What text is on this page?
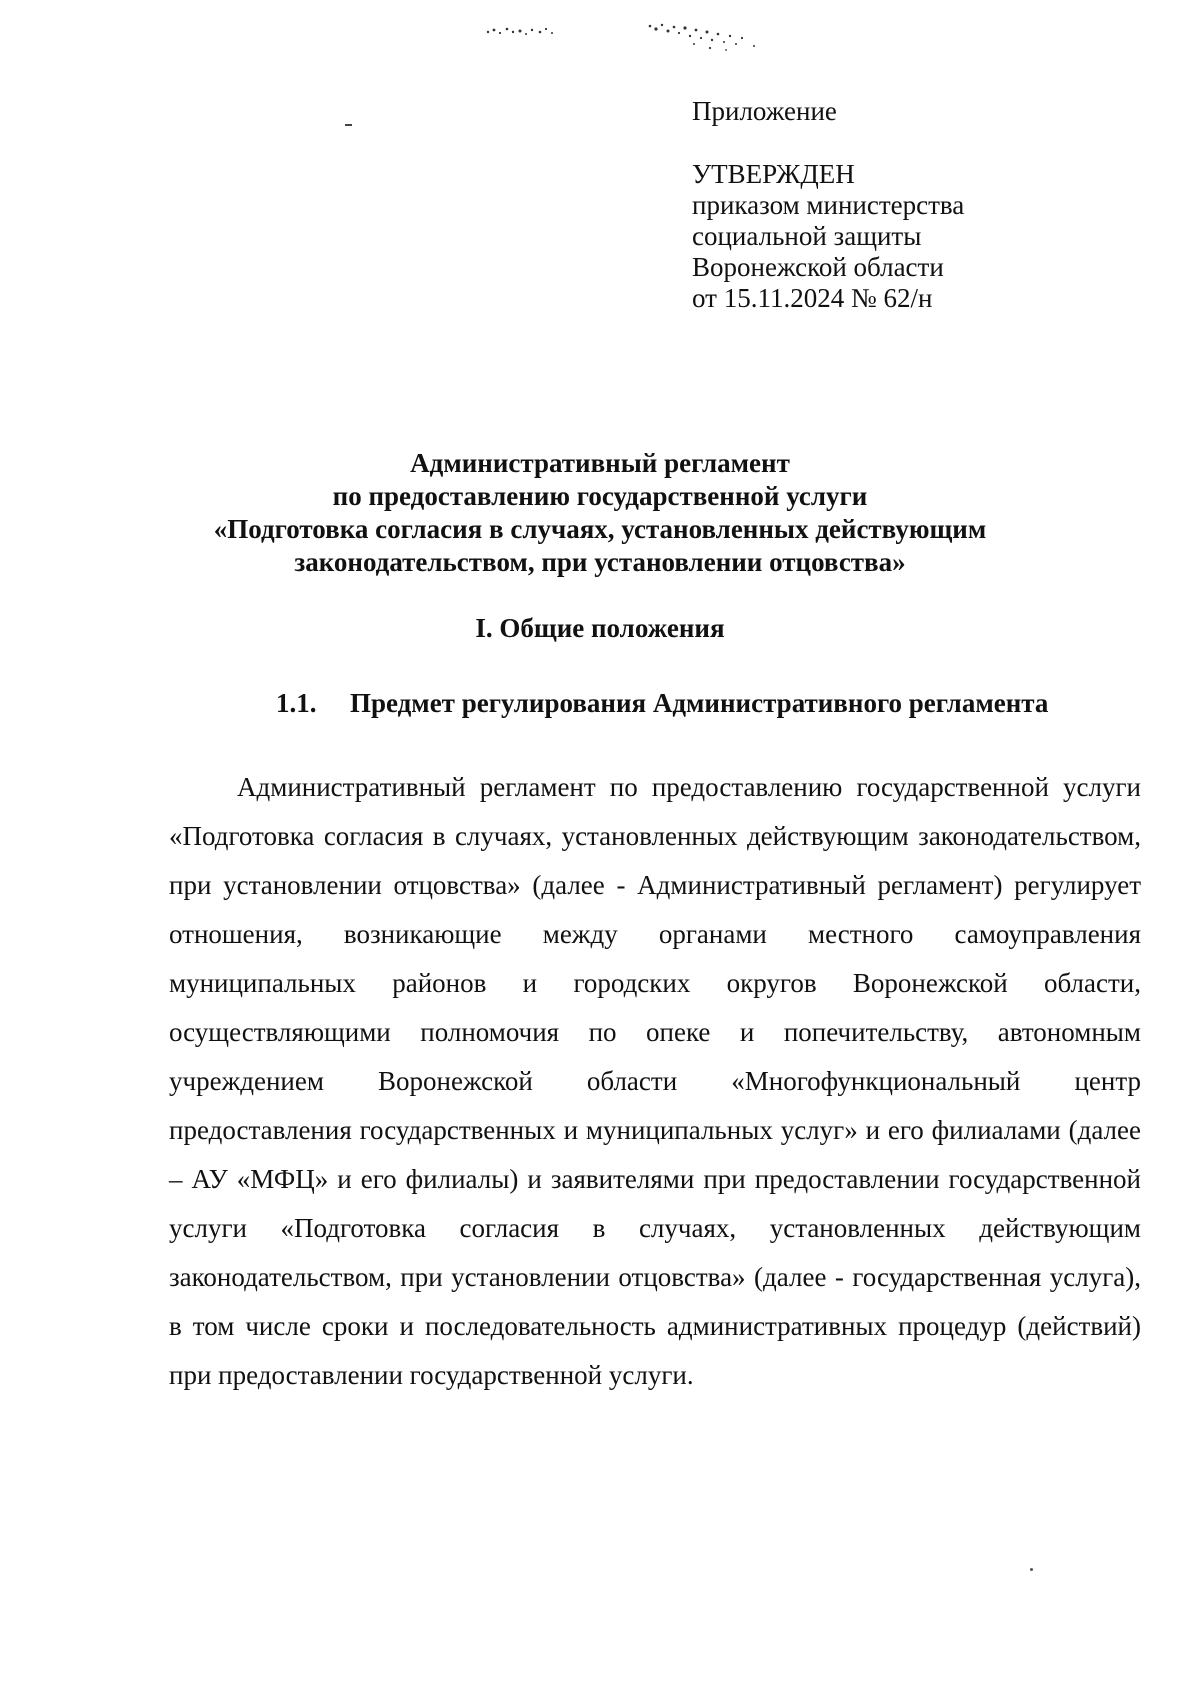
Приложение
УТВЕРЖДЕН
приказом министерства
социальной защиты
Воронежской области
от 15.11.2024 № 62/н
Административный регламент
по предоставлению государственной услуги
«Подготовка согласия в случаях, установленных действующим
законодательством, при установлении отцовства»
I. Общие положения
1.1. Предмет регулирования Административного регламента

Административный регламент по предоставлению государственной услуги «Подготовка согласия в случаях, установленных действующим законодательством, при установлении отцовства» (далее - Административный регламент) регулирует отношения, возникающие между органами местного самоуправления муниципальных районов и городских округов Воронежской области, осуществляющими полномочия по опеке и попечительству, автономным учреждением Воронежской области «Многофункциональный центр предоставления государственных и муниципальных услуг» и его филиалами (далее – АУ «МФЦ» и его филиалы) и заявителями при предоставлении государственной услуги «Подготовка согласия в случаях, установленных действующим законодательством, при установлении отцовства» (далее - государственная услуга), в том числе сроки и последовательность административных процедур (действий) при предоставлении государственной услуги.
